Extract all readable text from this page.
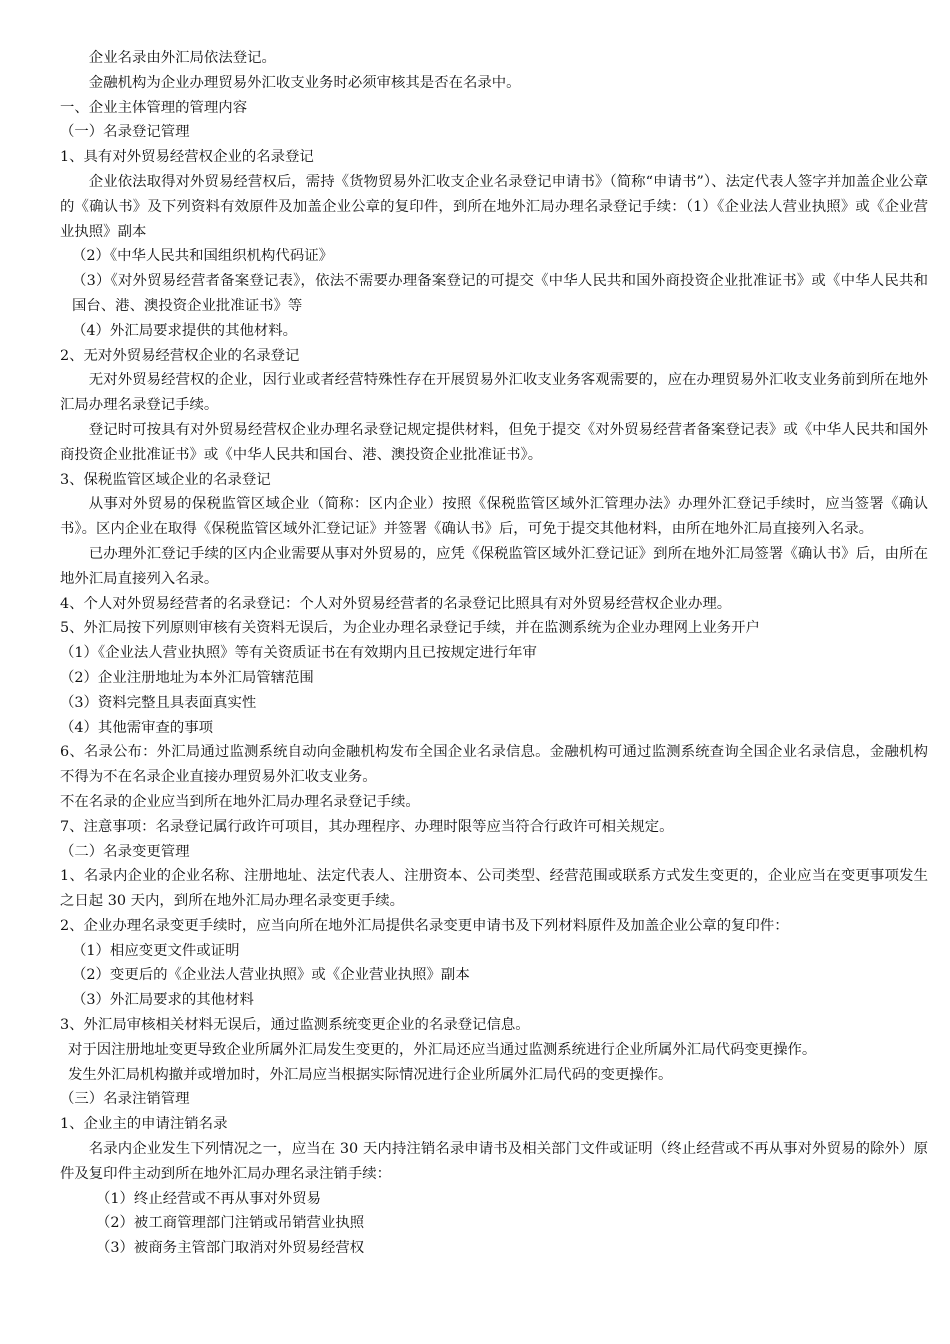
企业名录由外汇局依法登记。

金融机构为企业办理贸易外汇收支业务时必须审核其是否在名录中。

一、企业主体管理的管理内容

（一）名录登记管理

1、具有对外贸易经营权企业的名录登记

企业依法取得对外贸易经营权后，需持《货物贸易外汇收支企业名录登记申请书》（简称“申请书”）、法定代表人签字并加盖企业公章的《确认书》及下列资料有效原件及加盖企业公章的复印件，到所在地外汇局办理名录登记手续：（1）《企业法人营业执照》或《企业营业执照》副本

（2）《中华人民共和国组织机构代码证》

（3）《对外贸易经营者备案登记表》，依法不需要办理备案登记的可提交《中华人民共和国外商投资企业批准证书》或《中华人民共和国台、港、澳投资企业批准证书》等

（4）外汇局要求提供的其他材料。

2、无对外贸易经营权企业的名录登记

无对外贸易经营权的企业，因行业或者经营特殊性存在开展贸易外汇收支业务客观需要的，应在办理贸易外汇收支业务前到所在地外汇局办理名录登记手续。

登记时可按具有对外贸易经营权企业办理名录登记规定提供材料，但免于提交《对外贸易经营者备案登记表》或《中华人民共和国外商投资企业批准证书》或《中华人民共和国台、港、澳投资企业批准证书》。

3、保税监管区域企业的名录登记

从事对外贸易的保税监管区域企业（简称：区内企业）按照《保税监管区域外汇管理办法》办理外汇登记手续时，应当签署《确认书》。区内企业在取得《保税监管区域外汇登记证》并签署《确认书》后，可免于提交其他材料，由所在地外汇局直接列入名录。

已办理外汇登记手续的区内企业需要从事对外贸易的，应凭《保税监管区域外汇登记证》到所在地外汇局签署《确认书》后，由所在地外汇局直接列入名录。

4、个人对外贸易经营者的名录登记：个人对外贸易经营者的名录登记比照具有对外贸易经营权企业办理。

5、外汇局按下列原则审核有关资料无误后，为企业办理名录登记手续，并在监测系统为企业办理网上业务开户

（1）《企业法人营业执照》等有关资质证书在有效期内且已按规定进行年审

（2）企业注册地址为本外汇局管辖范围

（3）资料完整且具表面真实性

（4）其他需审查的事项

6、名录公布：外汇局通过监测系统自动向金融机构发布全国企业名录信息。金融机构可通过监测系统查询全国企业名录信息，金融机构不得为不在名录企业直接办理贸易外汇收支业务。

不在名录的企业应当到所在地外汇局办理名录登记手续。

7、注意事项：名录登记属行政许可项目，其办理程序、办理时限等应当符合行政许可相关规定。

（二）名录变更管理

1、名录内企业的企业名称、注册地址、法定代表人、注册资本、公司类型、经营范围或联系方式发生变更的，企业应当在变更事项发生之日起 30 天内，到所在地外汇局办理名录变更手续。

2、企业办理名录变更手续时，应当向所在地外汇局提供名录变更申请书及下列材料原件及加盖企业公章的复印件：

（1）相应变更文件或证明

（2）变更后的《企业法人营业执照》或《企业营业执照》副本

（3）外汇局要求的其他材料

3、外汇局审核相关材料无误后，通过监测系统变更企业的名录登记信息。

对于因注册地址变更导致企业所属外汇局发生变更的，外汇局还应当通过监测系统进行企业所属外汇局代码变更操作。

发生外汇局机构撤并或增加时，外汇局应当根据实际情况进行企业所属外汇局代码的变更操作。

（三）名录注销管理

1、企业主的申请注销名录

名录内企业发生下列情况之一，应当在 30 天内持注销名录申请书及相关部门文件或证明（终止经营或不再从事对外贸易的除外）原件及复印件主动到所在地外汇局办理名录注销手续：

（1）终止经营或不再从事对外贸易

（2）被工商管理部门注销或吊销营业执照

（3）被商务主管部门取消对外贸易经营权
